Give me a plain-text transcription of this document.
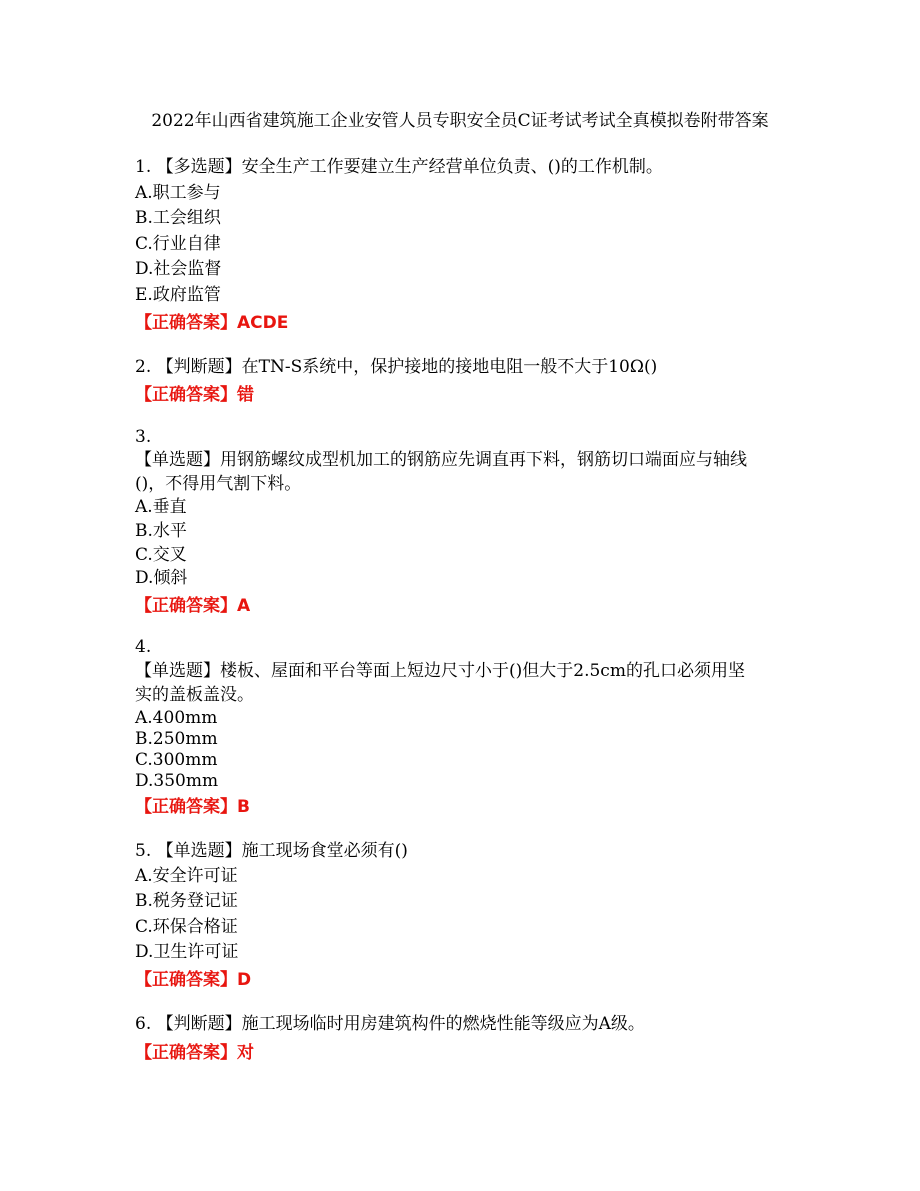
2022年山西省建筑施工企业安管人员专职安全员C证考试考试全真模拟卷附带答案
1. 【多选题】安全生产工作要建立生产经营单位负责、()的工作机制。
A.职工参与
B.工会组织
C.行业自律
D.社会监督
E.政府监管
【正确答案】ACDE
2. 【判断题】在TN-S系统中，保护接地的接地电阻一般不大于10Ω()
【正确答案】错
3.
【单选题】用钢筋螺纹成型机加工的钢筋应先调直再下料，钢筋切口端面应与轴线
()，不得用气割下料。
A.垂直
B.水平
C.交叉
D.倾斜
【正确答案】A
4.
【单选题】楼板、屋面和平台等面上短边尺寸小于()但大于2.5cm的孔口必须用坚
实的盖板盖没。
A.400mm
B.250mm
C.300mm
D.350mm
【正确答案】B
5. 【单选题】施工现场食堂必须有()
A.安全许可证
B.税务登记证
C.环保合格证
D.卫生许可证
【正确答案】D
6. 【判断题】施工现场临时用房建筑构件的燃烧性能等级应为A级。
【正确答案】对
